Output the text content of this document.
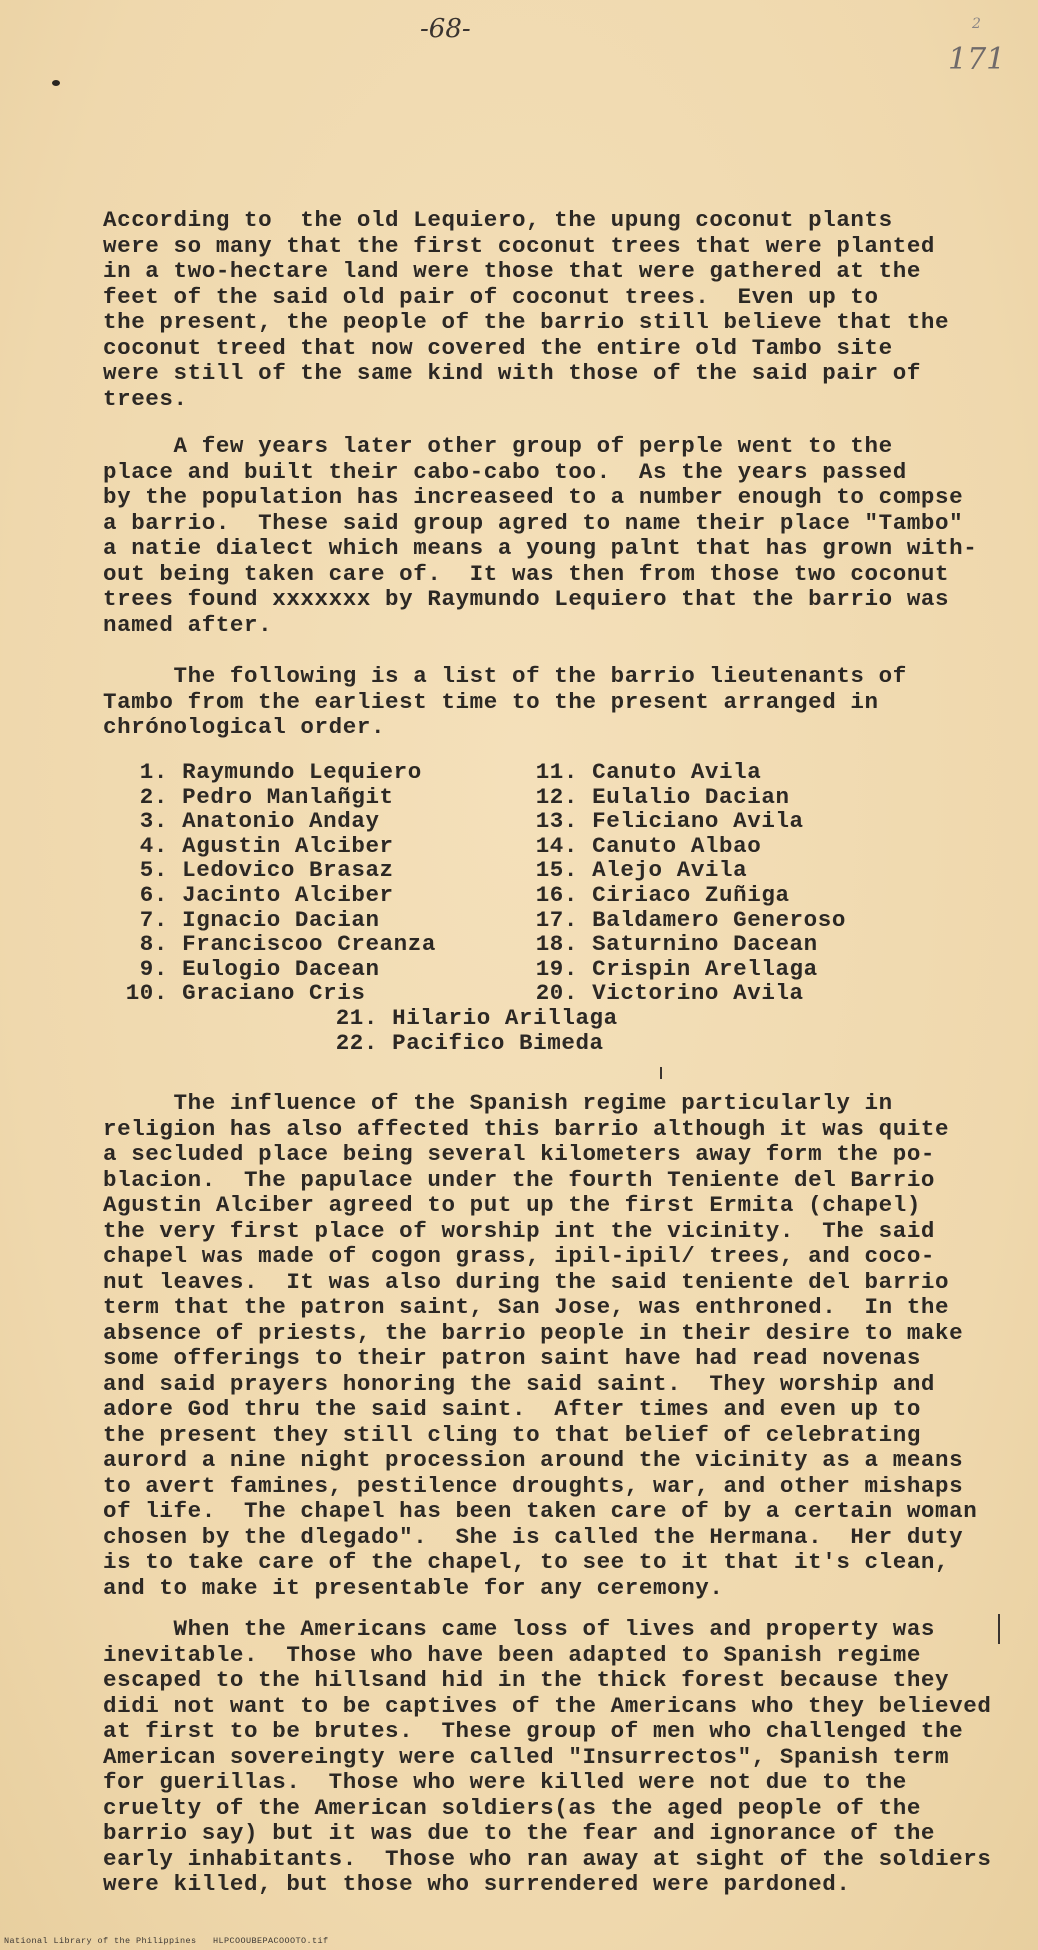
-68-	2
171

According to  the old Lequiero, the upung coconut plants
were so many that the first coconut trees that were planted
in a two-hectare land were those that were gathered at the
feet of the said old pair of coconut trees.  Even up to
the present, the people of the barrio still believe that the
coconut treed that now covered the entire old Tambo site
were still of the same kind with those of the said pair of
trees.

A few years later other group of perple went to the
place and built their cabo-cabo too.  As the years passed
by the population has increaseed to a number enough to compse
a barrio.  These said group agred to name their place "Tambo"
a natie dialect which means a young palnt that has grown with-
out being taken care of.  It was then from those two coconut
trees found xxxxxxx by Raymundo Lequiero that the barrio was
named after.

The following is a list of the barrio lieutenants of
Tambo from the earliest time to the present arranged in
chrónological order.

1. Raymundo Lequiero
2. Pedro Manlañgit
3. Anatonio Anday
4. Agustin Alciber
5. Ledovico Brasaz
6. Jacinto Alciber
7. Ignacio Dacian
8. Franciscoo Creanza
9. Eulogio Dacean
10. Graciano Cris
11. Canuto Avila
12. Eulalio Dacian
13. Feliciano Avila
14. Canuto Albao
15. Alejo Avila
16. Ciriaco Zuñiga
17. Baldamero Generoso
18. Saturnino Dacean
19. Crispin Arellaga
20. Victorino Avila
21. Hilario Arillaga
22. Pacifico Bimeda

The influence of the Spanish regime particularly in
religion has also affected this barrio although it was quite
a secluded place being several kilometers away form the po-
blacion.  The papulace under the fourth Teniente del Barrio
Agustin Alciber agreed to put up the first Ermita (chapel)
the very first place of worship int the vicinity.  The said
chapel was made of cogon grass, ipil-ipil/ trees, and coco-
nut leaves.  It was also during the said teniente del barrio
term that the patron saint, San Jose, was enthroned.  In the
absence of priests, the barrio people in their desire to make
some offerings to their patron saint have had read novenas
and said prayers honoring the said saint.  They worship and
adore God thru the said saint.  After times and even up to
the present they still cling to that belief of celebrating
aurord a nine night procession around the vicinity as a means
to avert famines, pestilence droughts, war, and other mishaps
of life.  The chapel has been taken care of by a certain woman
chosen by the dlegado".  She is called the Hermana.  Her duty
is to take care of the chapel, to see to it that it's clean,
and to make it presentable for any ceremony.

When the Americans came loss of lives and property was
inevitable.  Those who have been adapted to Spanish regime
escaped to the hillsand hid in the thick forest because they
didi not want to be captives of the Americans who they believed
at first to be brutes.  These group of men who challenged the
American sovereingty were called "Insurrectos", Spanish term
for guerillas.  Those who were killed were not due to the
cruelty of the American soldiers(as the aged people of the
barrio say) but it was due to the fear and ignorance of the
early inhabitants.  Those who ran away at sight of the soldiers
were killed, but those who surrendered were pardoned.

National Library of the Philippines   HLPCOOUBEPACOOOTO.tif
